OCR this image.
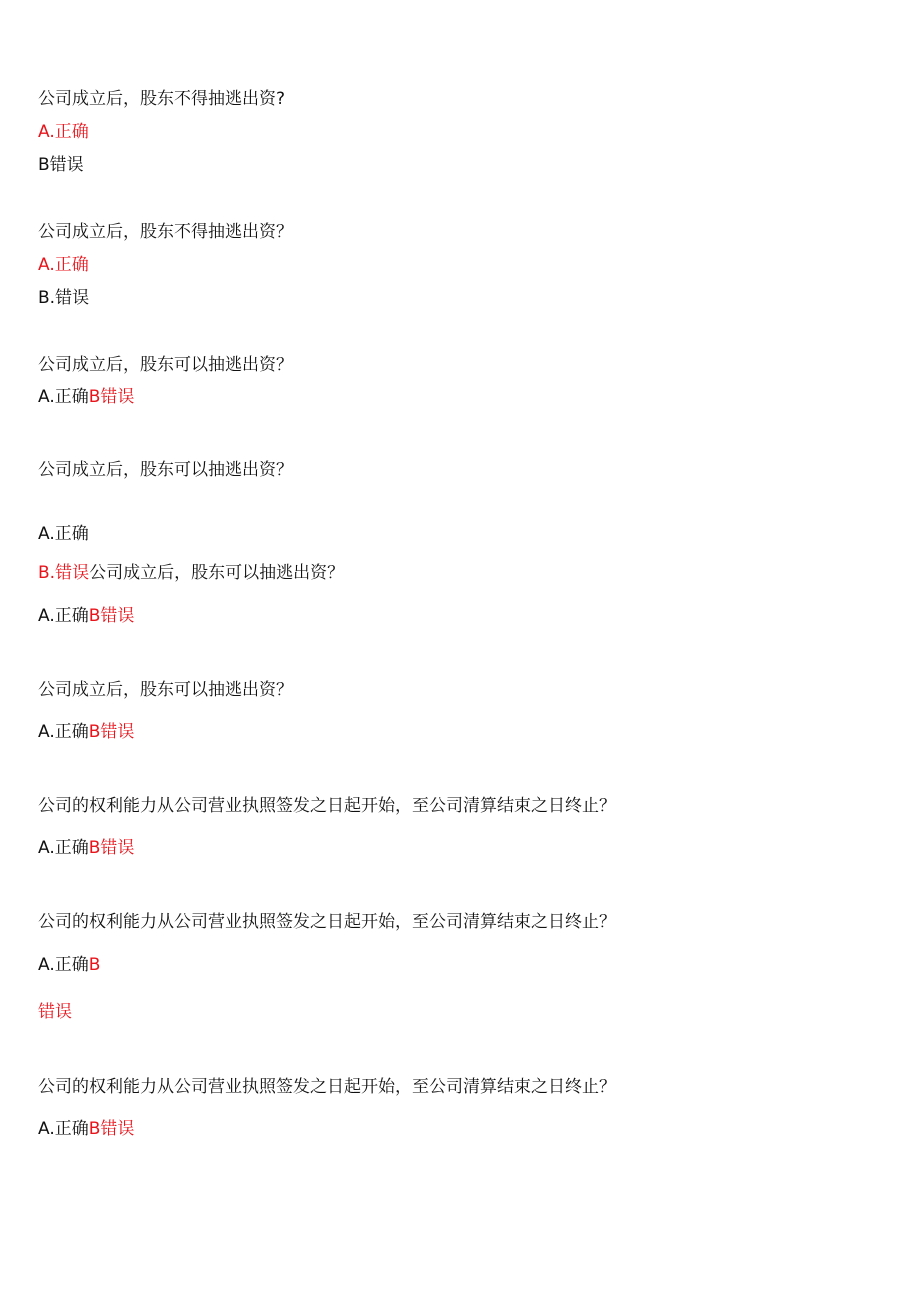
公司成立后，股东不得抽逃出资?
A.正确
B错误
公司成立后，股东不得抽逃出资？
A.正确
B.错误
公司成立后，股东可以抽逃出资？
A.正确B错误
公司成立后，股东可以抽逃出资？
A.正确
B.错误公司成立后，股东可以抽逃出资？
A.正确B错误
公司成立后，股东可以抽逃出资？
A.正确B错误
公司的权利能力从公司营业执照签发之日起开始，至公司清算结束之日终止？
A.正确B错误
公司的权利能力从公司营业执照签发之日起开始，至公司清算结束之日终止？
A.正确B
错误
公司的权利能力从公司营业执照签发之日起开始，至公司清算结束之日终止？
A.正确B错误
